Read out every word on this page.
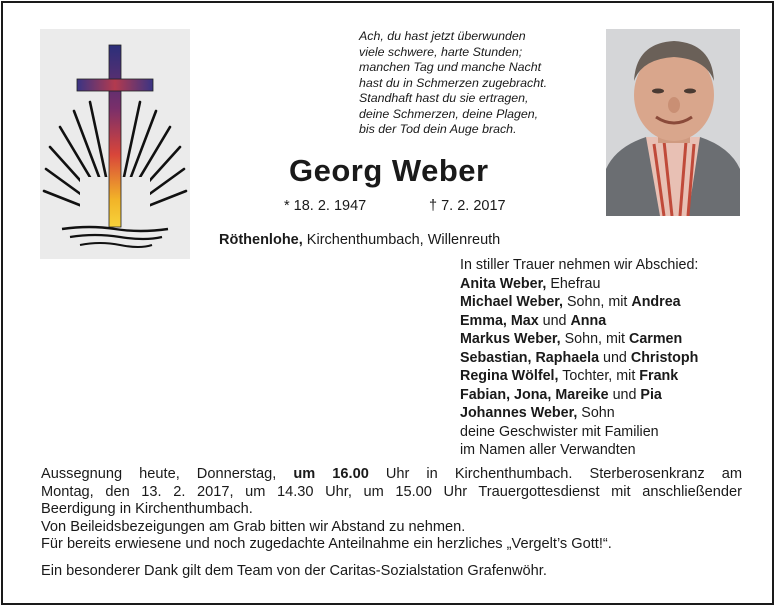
Ach, du hast jetzt überwunden
viele schwere, harte Stunden;
manchen Tag und manche Nacht
hast du in Schmerzen zugebracht.
Standhaft hast du sie ertragen,
deine Schmerzen, deine Plagen,
bis der Tod dein Auge brach.
Georg Weber
* 18. 2. 1947	† 7. 2. 2017
Röthenlohe, Kirchenthumbach, Willenreuth
In stiller Trauer nehmen wir Abschied:
Anita Weber, Ehefrau
Michael Weber, Sohn, mit Andrea
Emma, Max und Anna
Markus Weber, Sohn, mit Carmen
Sebastian, Raphaela und Christoph
Regina Wölfel, Tochter, mit Frank
Fabian, Jona, Mareike und Pia
Johannes Weber, Sohn
deine Geschwister mit Familien
im Namen aller Verwandten
Aussegnung heute, Donnerstag, um 16.00 Uhr in Kirchenthumbach. Sterberosenkranz am
Montag, den 13. 2. 2017, um 14.30 Uhr, um 15.00 Uhr Trauergottesdienst mit anschließender
Beerdigung in Kirchenthumbach.
Von Beileidsbezeigungen am Grab bitten wir Abstand zu nehmen.
Für bereits erwiesene und noch zugedachte Anteilnahme ein herzliches „Vergelt’s Gott!“.
Ein besonderer Dank gilt dem Team von der Caritas-Sozialstation Grafenwöhr.
